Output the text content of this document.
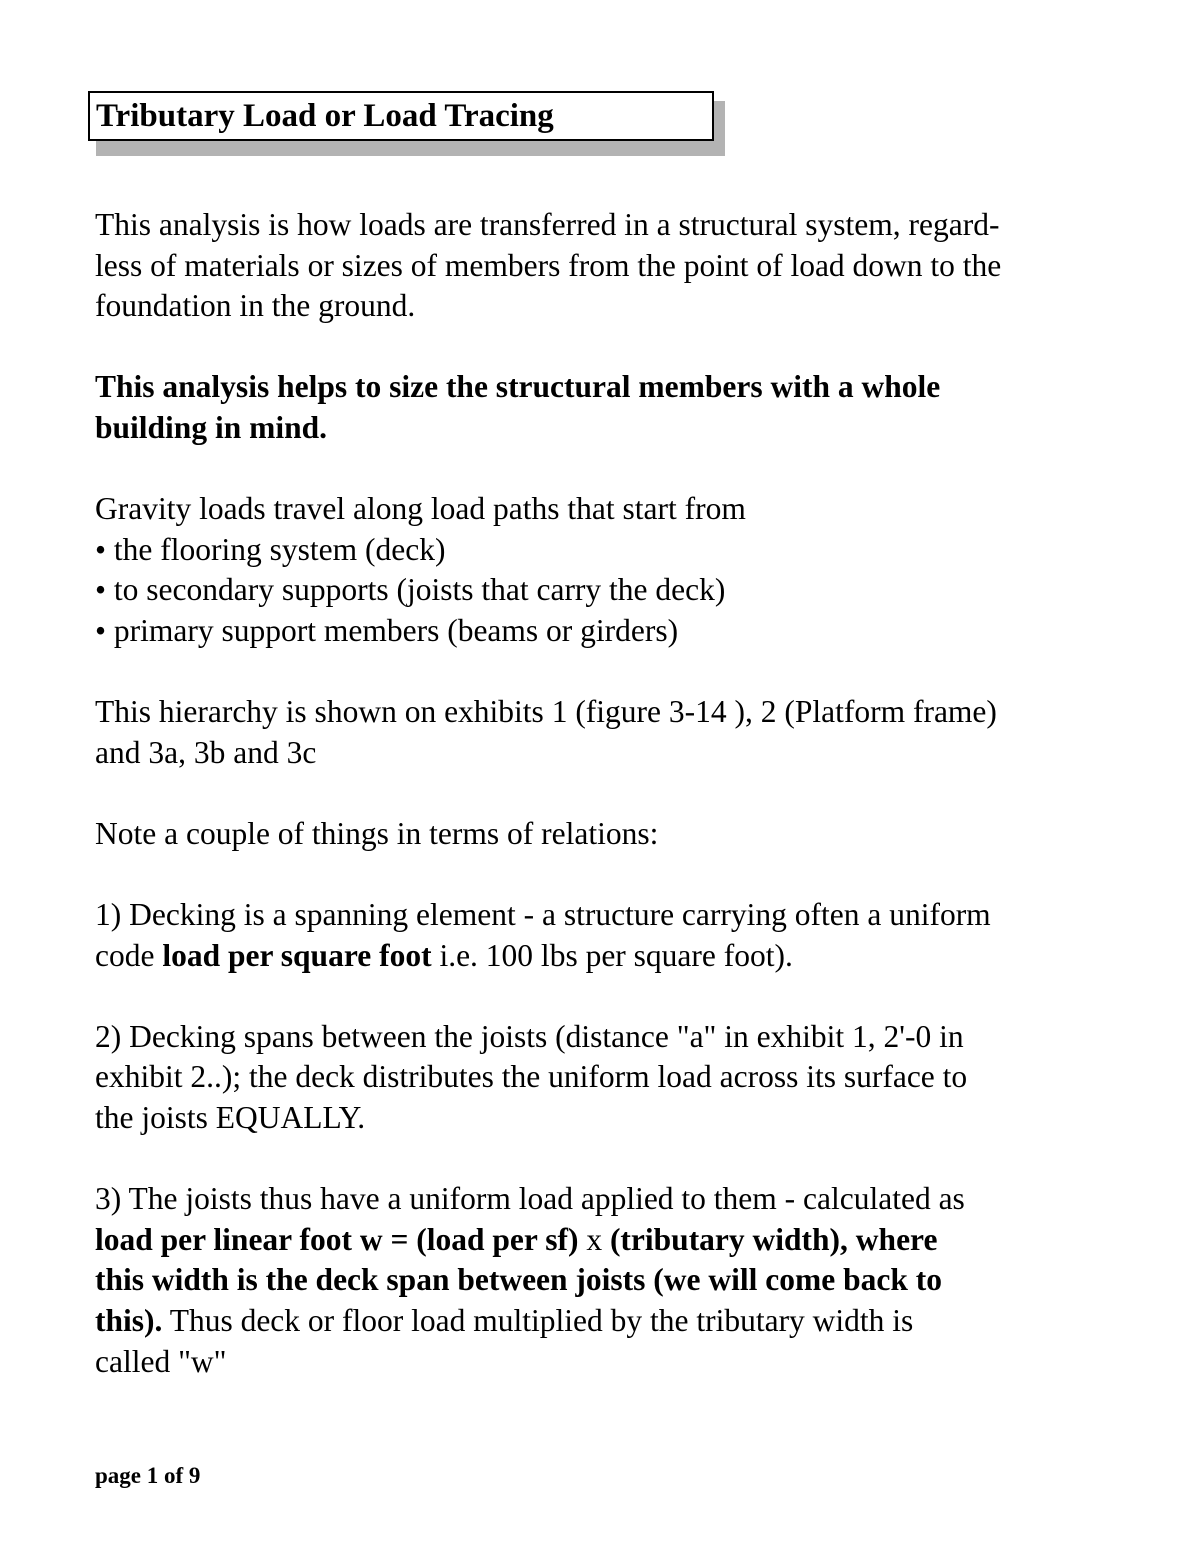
Tributary Load or Load Tracing

This analysis is how loads are transferred in a structural system, regard-
less of materials or sizes of members from the point of load down to the
foundation in the ground.

This analysis helps to size the structural members with a whole
building in mind.

Gravity loads travel along load paths that start from
• the flooring system (deck)
• to secondary supports (joists that carry the deck)
• primary support members (beams or girders)

This hierarchy is shown on exhibits 1 (figure 3-14 ), 2 (Platform frame)
and 3a, 3b and 3c

Note a couple of things in terms of relations:

1) Decking is a spanning element - a structure carrying often a uniform
code load per square foot i.e. 100 lbs per square foot).

2) Decking spans between the joists (distance "a" in exhibit 1, 2'-0 in
exhibit 2..); the deck distributes the uniform load across its surface to
the joists EQUALLY.

3) The joists thus have a uniform load applied to them - calculated as
load per linear foot w = (load per sf) x (tributary width), where
this width is the deck span between joists (we will come back to
this). Thus deck or floor load multiplied by the tributary width is
called "w"

page 1 of 9
